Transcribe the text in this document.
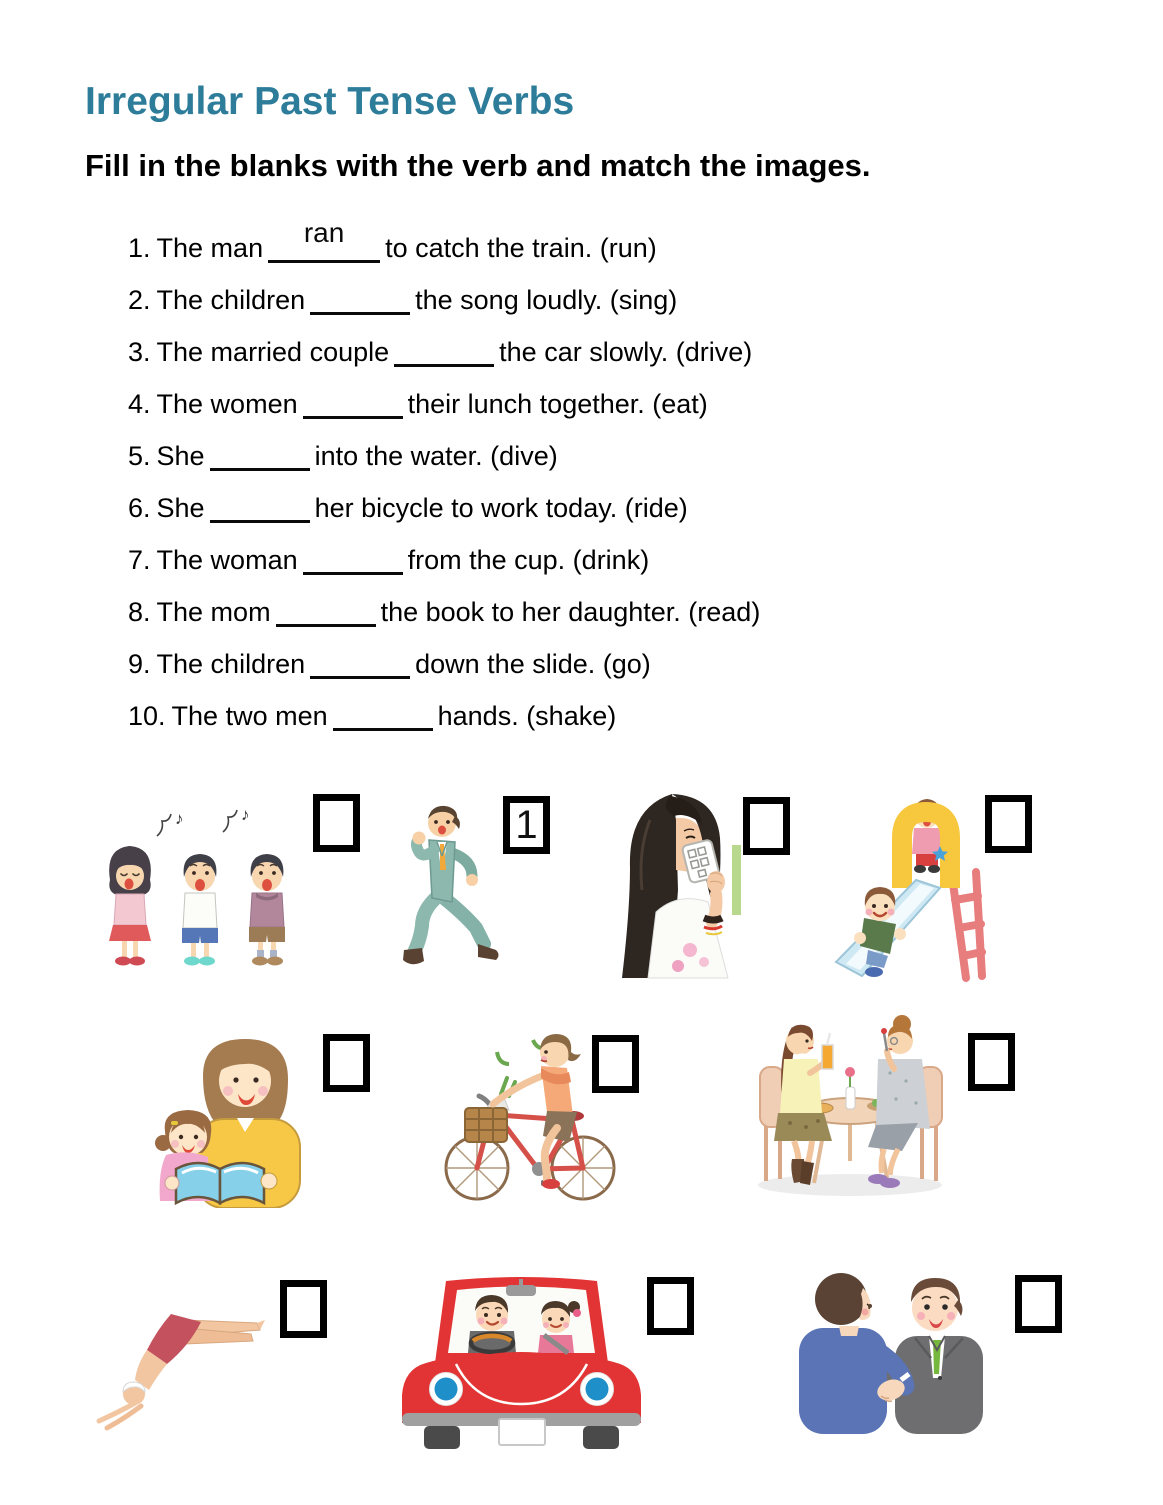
Irregular Past Tense Verbs
Fill in the blanks with the verb and match the images.
1. The man	ran	to catch the train. (run)
2. The children	the song loudly. (sing)
3. The married couple	the car slowly. (drive)
4. The women	their lunch together. (eat)
5. She	into the water. (dive)
6. She	her bicycle to work today. (ride)
7. The woman	from the cup. (drink)
8. The mom	the book to her daughter. (read)
9. The children	down the slide. (go)
10. The two men	hands. (shake)
♪	♪	1
